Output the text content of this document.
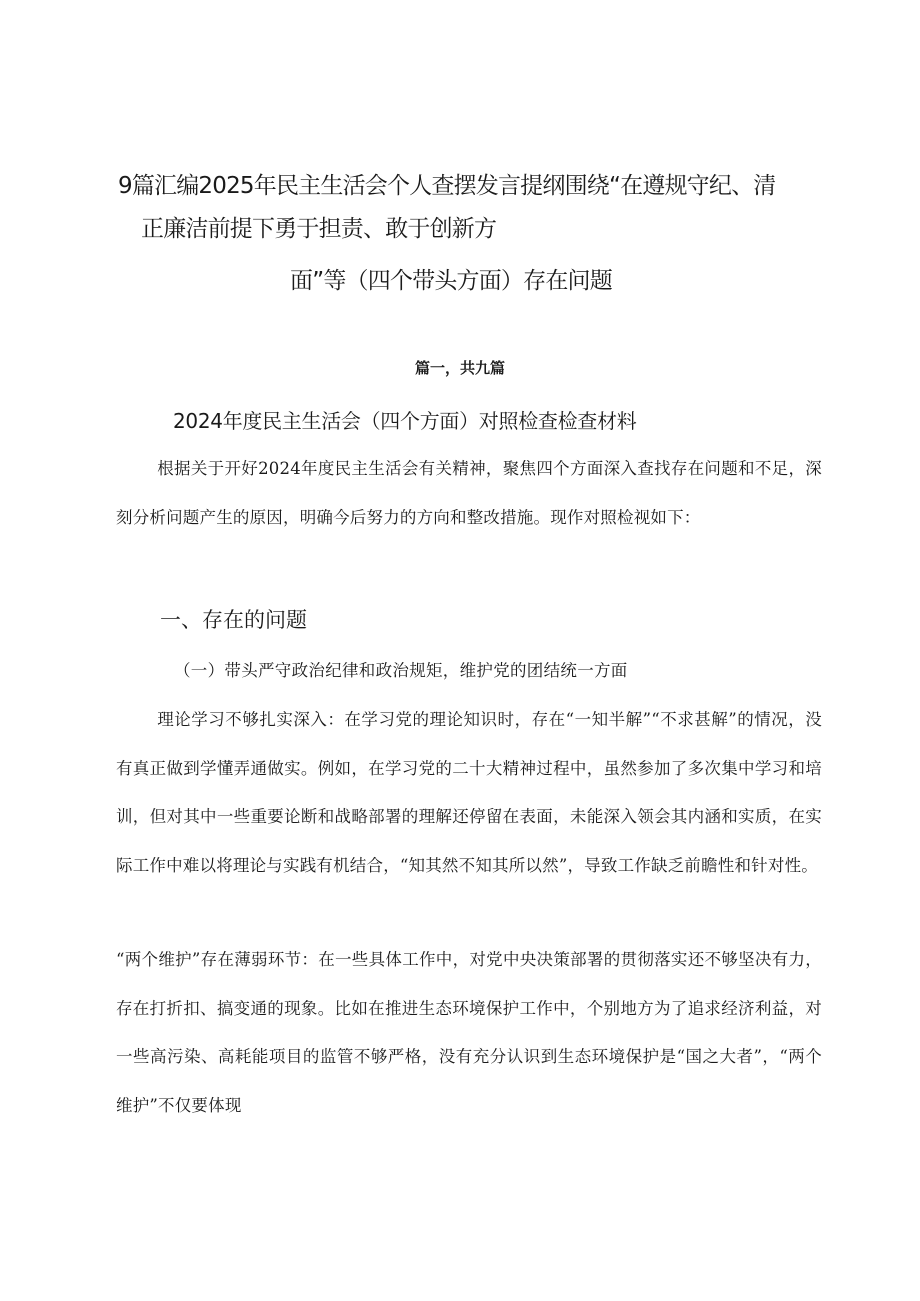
9篇汇编2025年民主生活会个人查摆发言提纲围绕“在遵规守纪、清
正廉洁前提下勇于担责、敢于创新方
面”等（四个带头方面）存在问题
篇一，共九篇
2024年度民主生活会（四个方面）对照检查检查材料

根据关于开好2024年度民主生活会有关精神，聚焦四个方面深入查找存在问题和不足，深刻分析问题产生的原因，明确今后努力的方向和整改措施。现作对照检视如下：

一、存在的问题
（一）带头严守政治纪律和政治规矩，维护党的团结统一方面

理论学习不够扎实深入：在学习党的理论知识时，存在“一知半解”“不求甚解”的情况，没有真正做到学懂弄通做实。例如，在学习党的二十大精神过程中，虽然参加了多次集中学习和培训，但对其中一些重要论断和战略部署的理解还停留在表面，未能深入领会其内涵和实质，在实际工作中难以将理论与实践有机结合，“知其然不知其所以然”，导致工作缺乏前瞻性和针对性。

“两个维护”存在薄弱环节：在一些具体工作中，对党中央决策部署的贯彻落实还不够坚决有力，存在打折扣、搞变通的现象。比如在推进生态环境保护工作中，个别地方为了追求经济利益，对一些高污染、高耗能项目的监管不够严格，没有充分认识到生态环境保护是“国之大者”，“两个维护”不仅要体现
